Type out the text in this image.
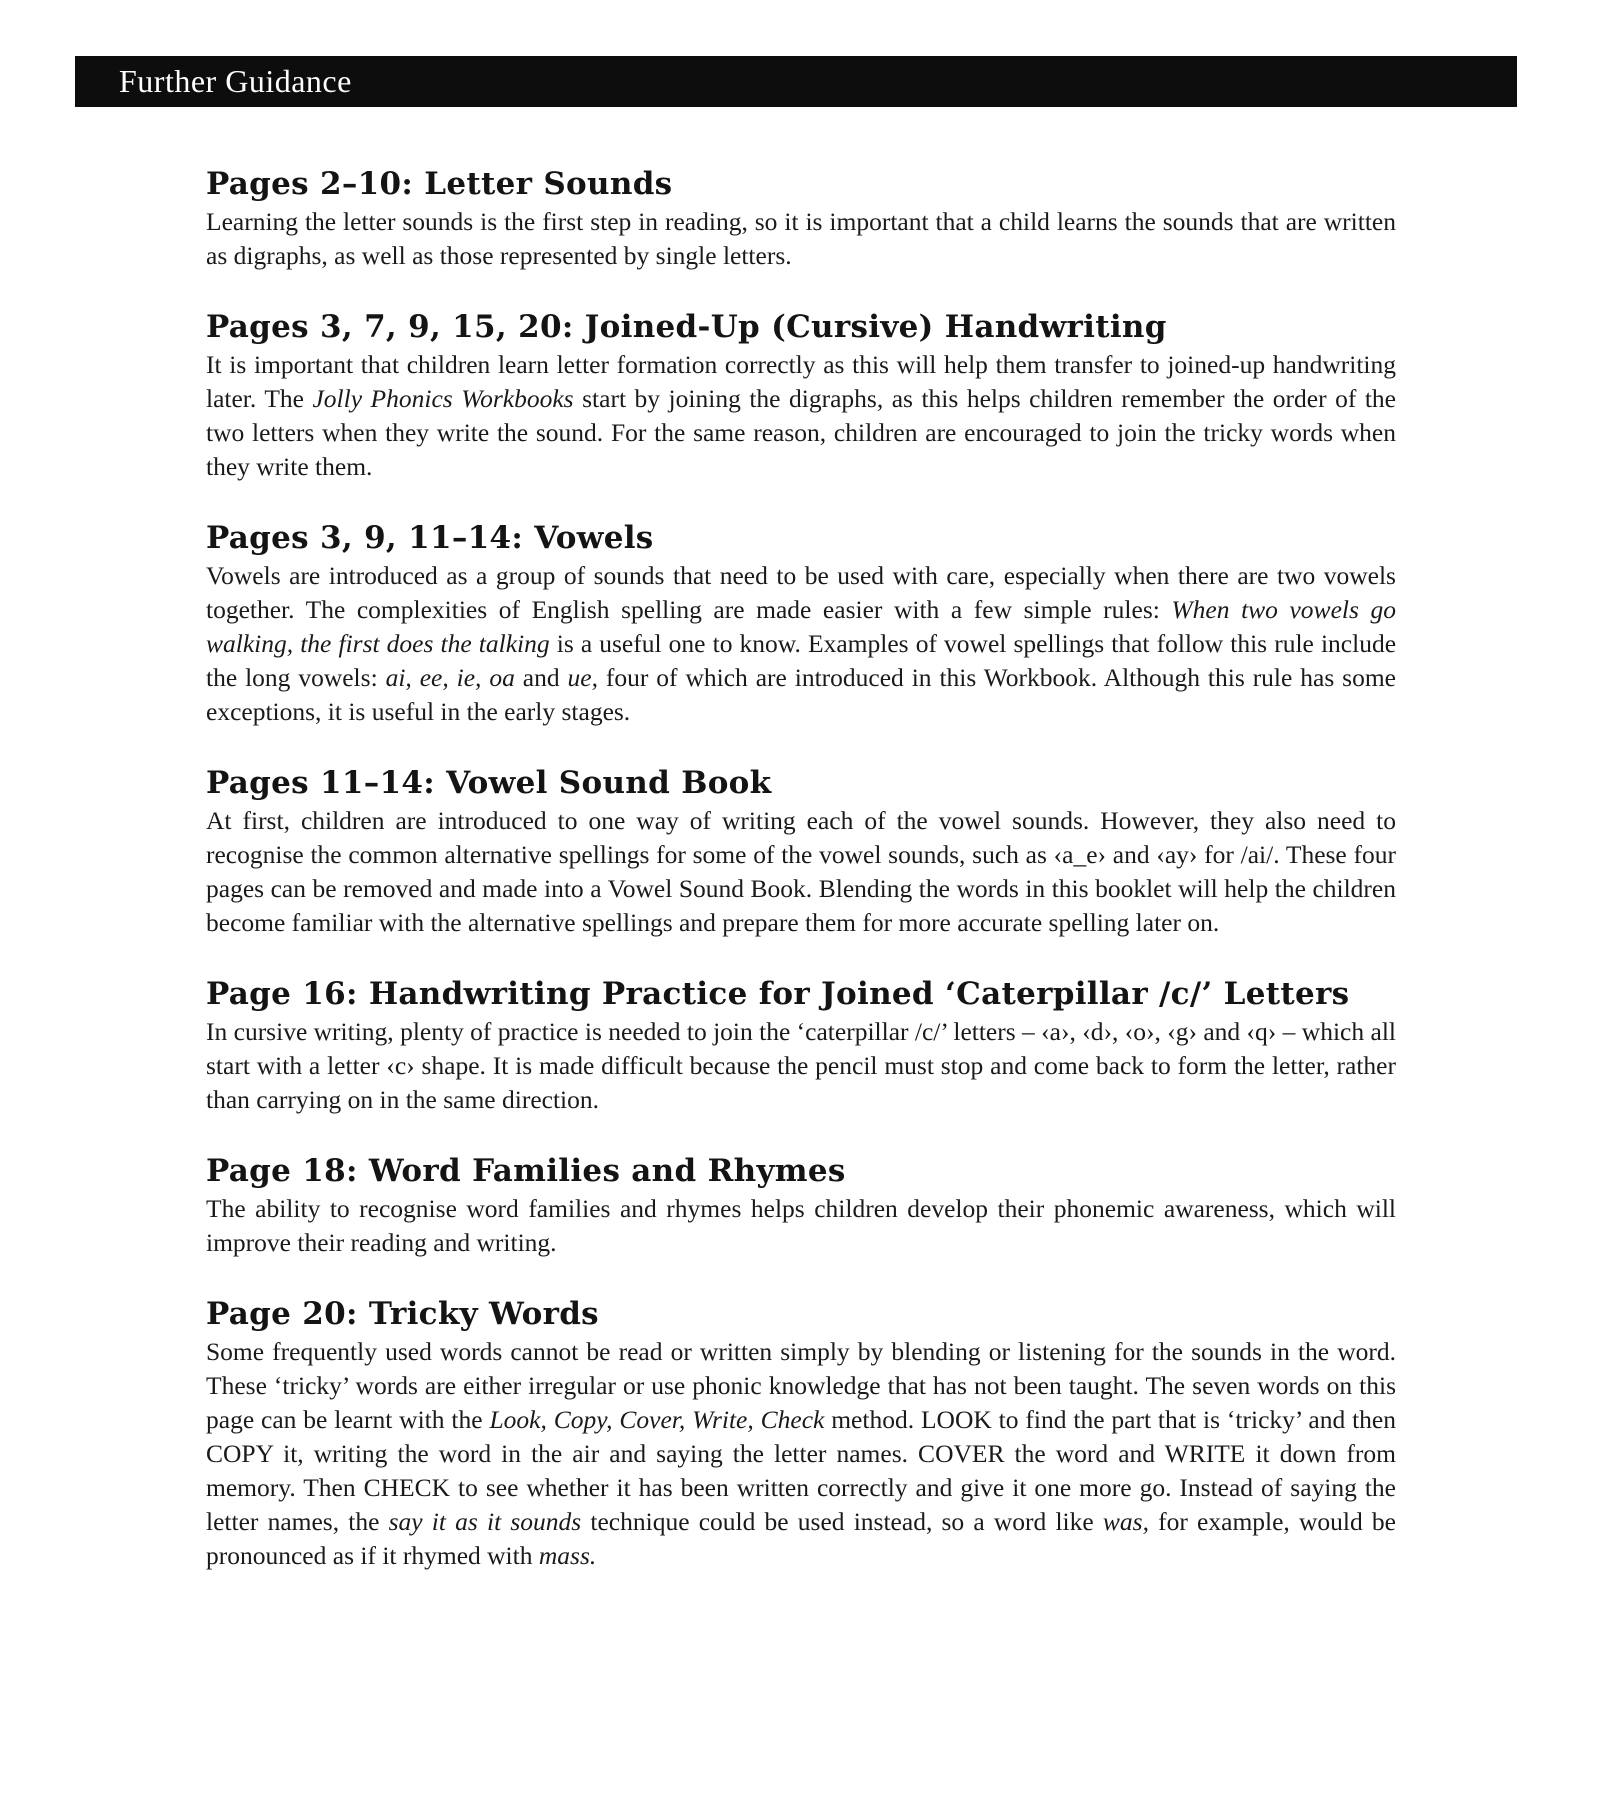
Further Guidance
Pages 2–10: Letter Sounds

Learning the letter sounds is the first step in reading, so it is important that a child learns the sounds that are written as digraphs, as well as those represented by single letters.

Pages 3, 7, 9, 15, 20: Joined-Up (Cursive) Handwriting

It is important that children learn letter formation correctly as this will help them transfer to joined-up handwriting later. The Jolly Phonics Workbooks start by joining the digraphs, as this helps children remember the order of the two letters when they write the sound. For the same reason, children are encouraged to join the tricky words when they write them.

Pages 3, 9, 11–14: Vowels

Vowels are introduced as a group of sounds that need to be used with care, especially when there are two vowels together. The complexities of English spelling are made easier with a few simple rules: When two vowels go walking, the first does the talking is a useful one to know. Examples of vowel spellings that follow this rule include the long vowels: ai, ee, ie, oa and ue, four of which are introduced in this Workbook. Although this rule has some exceptions, it is useful in the early stages.

Pages 11–14: Vowel Sound Book

At first, children are introduced to one way of writing each of the vowel sounds. However, they also need to recognise the common alternative spellings for some of the vowel sounds, such as ‹a_e› and ‹ay› for /ai/. These four pages can be removed and made into a Vowel Sound Book. Blending the words in this booklet will help the children become familiar with the alternative spellings and prepare them for more accurate spelling later on.

Page 16: Handwriting Practice for Joined ‘Caterpillar /c/’ Letters

In cursive writing, plenty of practice is needed to join the ‘caterpillar /c/’ letters – ‹a›, ‹d›, ‹o›, ‹g› and ‹q› – which all start with a letter ‹c› shape. It is made difficult because the pencil must stop and come back to form the letter, rather than carrying on in the same direction.

Page 18: Word Families and Rhymes

The ability to recognise word families and rhymes helps children develop their phonemic awareness, which will improve their reading and writing.

Page 20: Tricky Words

Some frequently used words cannot be read or written simply by blending or listening for the sounds in the word. These ‘tricky’ words are either irregular or use phonic knowledge that has not been taught. The seven words on this page can be learnt with the Look, Copy, Cover, Write, Check method. LOOK to find the part that is ‘tricky’ and then COPY it, writing the word in the air and saying the letter names. COVER the word and WRITE it down from memory. Then CHECK to see whether it has been written correctly and give it one more go. Instead of saying the letter names, the say it as it sounds technique could be used instead, so a word like was, for example, would be pronounced as if it rhymed with mass.
